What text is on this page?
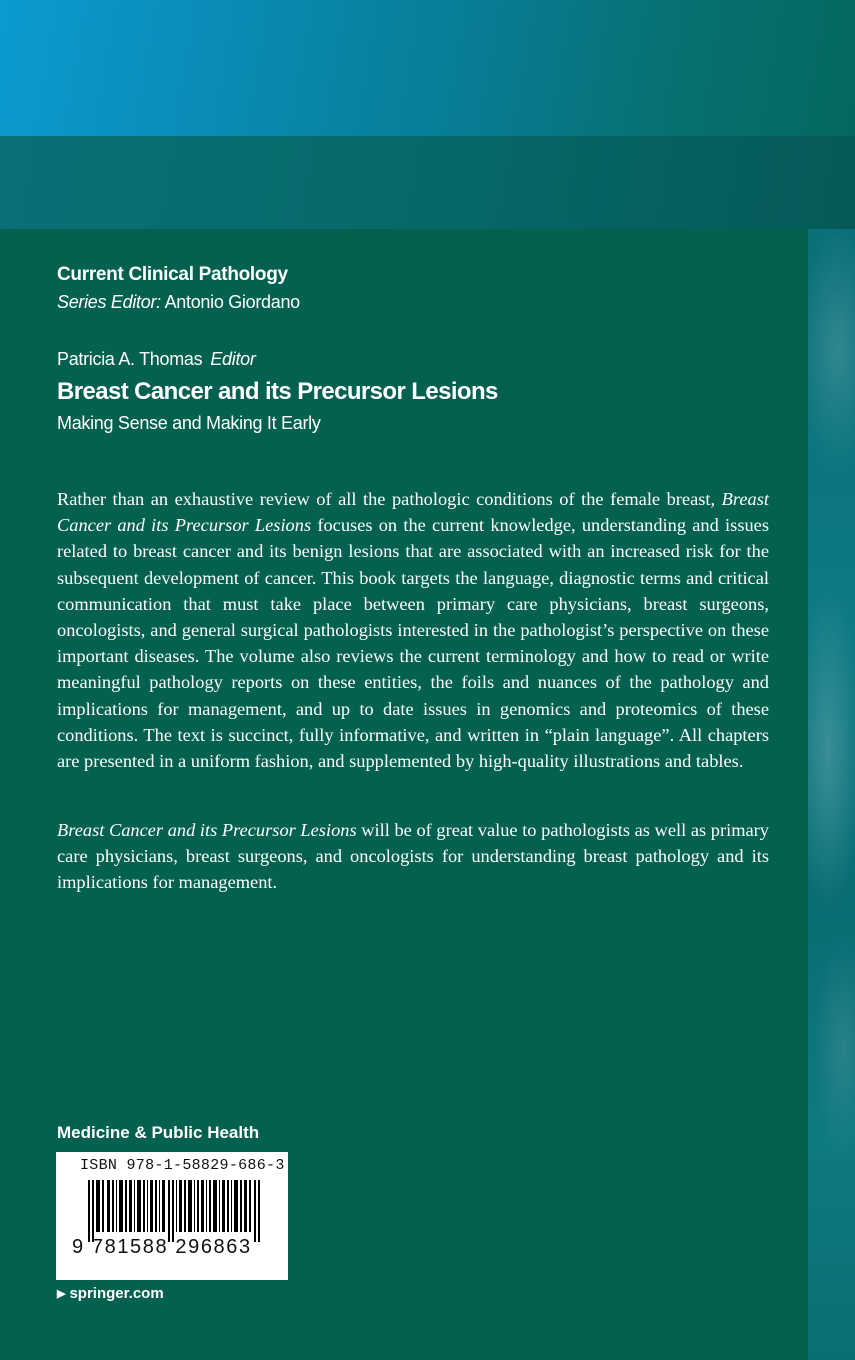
Current Clinical Pathology
Series Editor: Antonio Giordano
Patricia A. Thomas Editor
Breast Cancer and its Precursor Lesions
Making Sense and Making It Early

Rather than an exhaustive review of all the pathologic conditions of the female breast, Breast Cancer and its Precursor Lesions focuses on the current knowledge, understanding and issues related to breast cancer and its benign lesions that are associated with an increased risk for the subsequent development of cancer. This book targets the language, diagnostic terms and critical communication that must take place between primary care physicians, breast surgeons, oncologists, and general surgical pathologists interested in the pathologist’s perspective on these important diseases. The volume also reviews the current terminology and how to read or write meaningful pathology reports on these entities, the foils and nuances of the pathology and implications for management, and up to date issues in genomics and proteomics of these conditions. The text is succinct, fully informative, and written in “plain language”. All chapters are presented in a uniform fashion, and supplemented by high-quality illustrations and tables.

Breast Cancer and its Precursor Lesions will be of great value to pathologists as well as primary care physicians, breast surgeons, and oncologists for understanding breast pathology and its implications for management.

Medicine & Public Health
ISBN 978-1-58829-686-3
9 781588 296863
▶ springer.com
